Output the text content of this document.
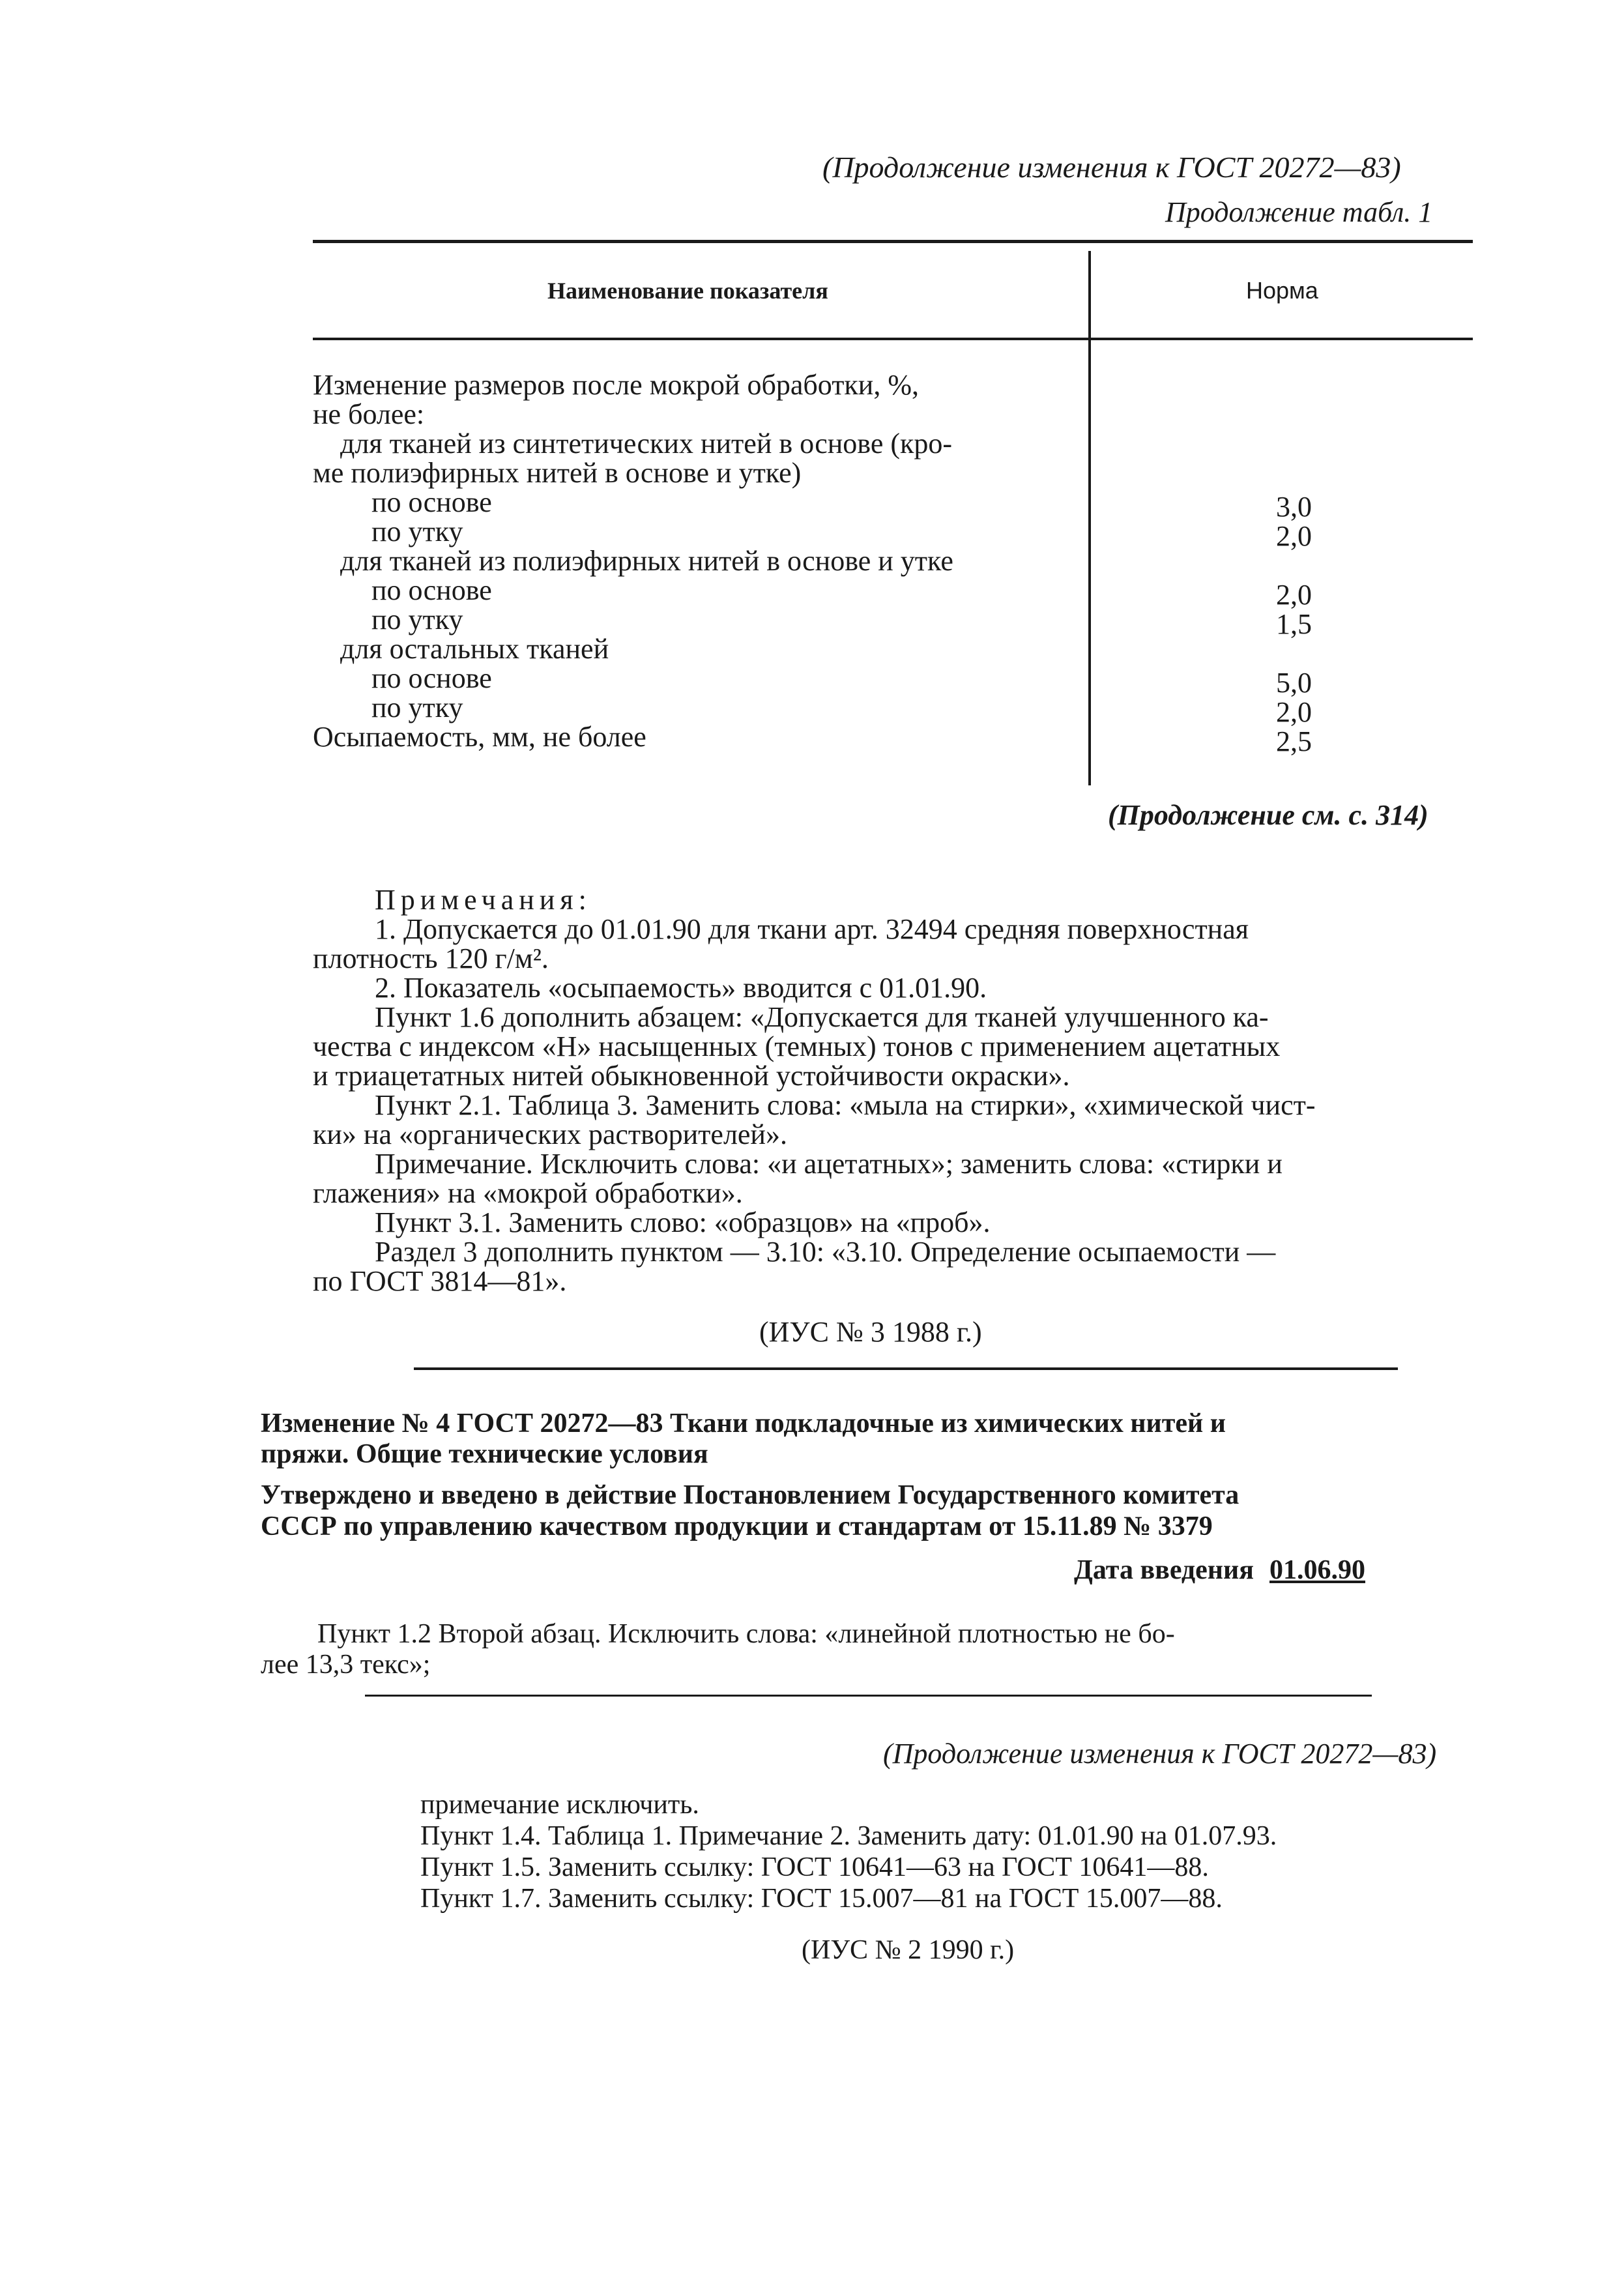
(Продолжение изменения к ГОСТ 20272—83)
Продолжение табл. 1
Наименование показателя	Норма
Изменение размеров после мокрой обработки, %,
не более:
для тканей из синтетических нитей в основе (кро-
ме полиэфирных нитей в основе и утке)
по основе
по утку
для тканей из полиэфирных нитей в основе и утке
по основе
по утку
для остальных тканей
по основе
по утку
Осыпаемость, мм, не более
3,0
2,0
2,0
1,5
5,0
2,0
2,5
(Продолжение см. с. 314)
Примечания:
1. Допускается до 01.01.90 для ткани арт. 32494 средняя поверхностная
плотность 120 г/м².
2. Показатель «осыпаемость» вводится с 01.01.90.
Пункт 1.6 дополнить абзацем: «Допускается для тканей улучшенного ка-
чества с индексом «Н» насыщенных (темных) тонов с применением ацетатных
и триацетатных нитей обыкновенной устойчивости окраски».
Пункт 2.1. Таблица 3. Заменить слова: «мыла на стирки», «химической чист-
ки» на «органических растворителей».
Примечание. Исключить слова: «и ацетатных»; заменить слова: «стирки и
глажения» на «мокрой обработки».
Пункт 3.1. Заменить слово: «образцов» на «проб».
Раздел 3 дополнить пунктом — 3.10: «3.10. Определение осыпаемости —
по ГОСТ 3814—81».
(ИУС № 3 1988 г.)
Изменение № 4 ГОСТ 20272—83 Ткани подкладочные из химических нитей и
пряжи. Общие технические условия
Утверждено и введено в действие Постановлением Государственного комитета
СССР по управлению качеством продукции и стандартам от 15.11.89 № 3379
Дата введения 01.06.90
Пункт 1.2 Второй абзац. Исключить слова: «линейной плотностью не бо-
лее 13,3 текс»;
(Продолжение изменения к ГОСТ 20272—83)
примечание исключить.
Пункт 1.4. Таблица 1. Примечание 2. Заменить дату: 01.01.90 на 01.07.93.
Пункт 1.5. Заменить ссылку: ГОСТ 10641—63 на ГОСТ 10641—88.
Пункт 1.7. Заменить ссылку: ГОСТ 15.007—81 на ГОСТ 15.007—88.
(ИУС № 2 1990 г.)
